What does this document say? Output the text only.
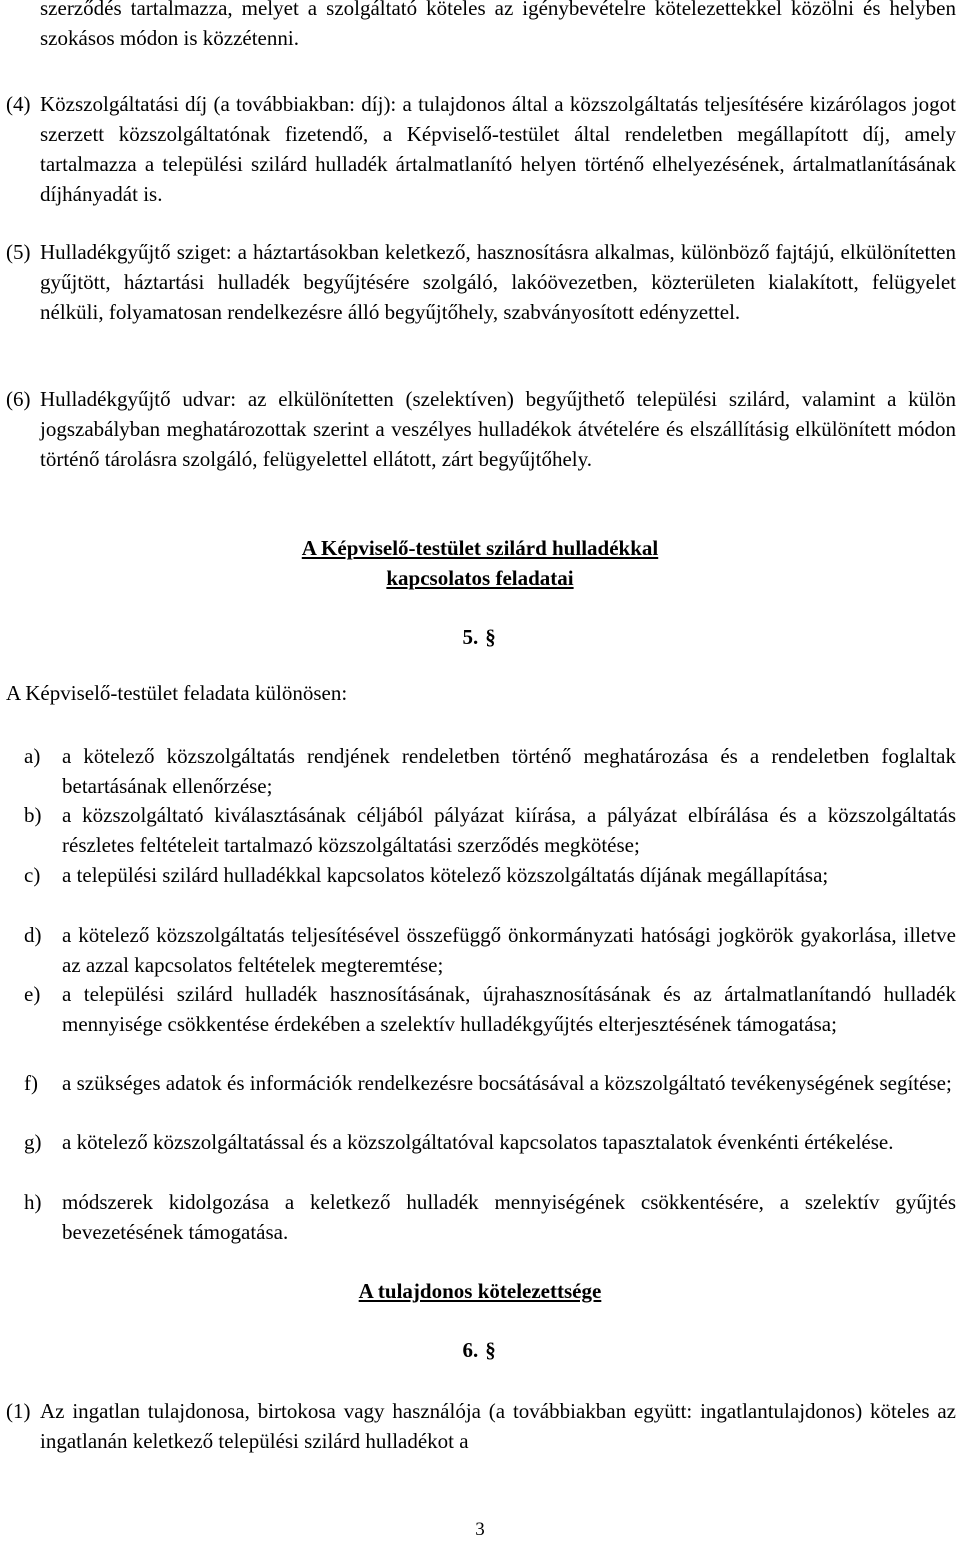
szerződés tartalmazza, melyet a szolgáltató köteles az igénybevételre kötelezettekkel közölni és helyben szokásos módon is közzétenni.
(4) Közszolgáltatási díj (a továbbiakban: díj): a tulajdonos által a közszolgáltatás teljesítésére kizárólagos jogot szerzett közszolgáltatónak fizetendő, a Képviselő-testület által rendeletben megállapított díj, amely tartalmazza a települési szilárd hulladék ártalmatlanító helyen történő elhelyezésének, ártalmatlanításának díjhányadát is.
(5) Hulladékgyűjtő sziget: a háztartásokban keletkező, hasznosításra alkalmas, különböző fajtájú, elkülönítetten gyűjtött, háztartási hulladék begyűjtésére szolgáló, lakóövezetben, közterületen kialakított, felügyelet nélküli, folyamatosan rendelkezésre álló begyűjtőhely, szabványosított edényzettel.
(6) Hulladékgyűjtő udvar: az elkülönítetten (szelektíven) begyűjthető települési szilárd, valamint a külön jogszabályban meghatározottak szerint a veszélyes hulladékok átvételére és elszállításig elkülönített módon történő tárolásra szolgáló, felügyelettel ellátott, zárt begyűjtőhely.
A Képviselő-testület szilárd hulladékkal
kapcsolatos feladatai
5. §
A Képviselő-testület feladata különösen:
a) a kötelező közszolgáltatás rendjének rendeletben történő meghatározása és a rendeletben foglaltak betartásának ellenőrzése;
b) a közszolgáltató kiválasztásának céljából pályázat kiírása, a pályázat elbírálása és a közszolgáltatás részletes feltételeit tartalmazó közszolgáltatási szerződés megkötése;
c) a települési szilárd hulladékkal kapcsolatos kötelező közszolgáltatás díjának megállapítása;
d) a kötelező közszolgáltatás teljesítésével összefüggő önkormányzati hatósági jogkörök gyakorlása, illetve az azzal kapcsolatos feltételek megteremtése;
e) a települési szilárd hulladék hasznosításának, újrahasznosításának és az ártalmatlanítandó hulladék mennyisége csökkentése érdekében a szelektív hulladékgyűjtés elterjesztésének támogatása;
f) a szükséges adatok és információk rendelkezésre bocsátásával a közszolgáltató tevékenységének segítése;
g) a kötelező közszolgáltatással és a közszolgáltatóval kapcsolatos tapasztalatok évenkénti értékelése.
h) módszerek kidolgozása a keletkező hulladék mennyiségének csökkentésére, a szelektív gyűjtés bevezetésének támogatása.
A tulajdonos kötelezettsége
6. §
(1) Az ingatlan tulajdonosa, birtokosa vagy használója (a továbbiakban együtt: ingatlantulajdonos) köteles az ingatlanán keletkező települési szilárd hulladékot a
3
